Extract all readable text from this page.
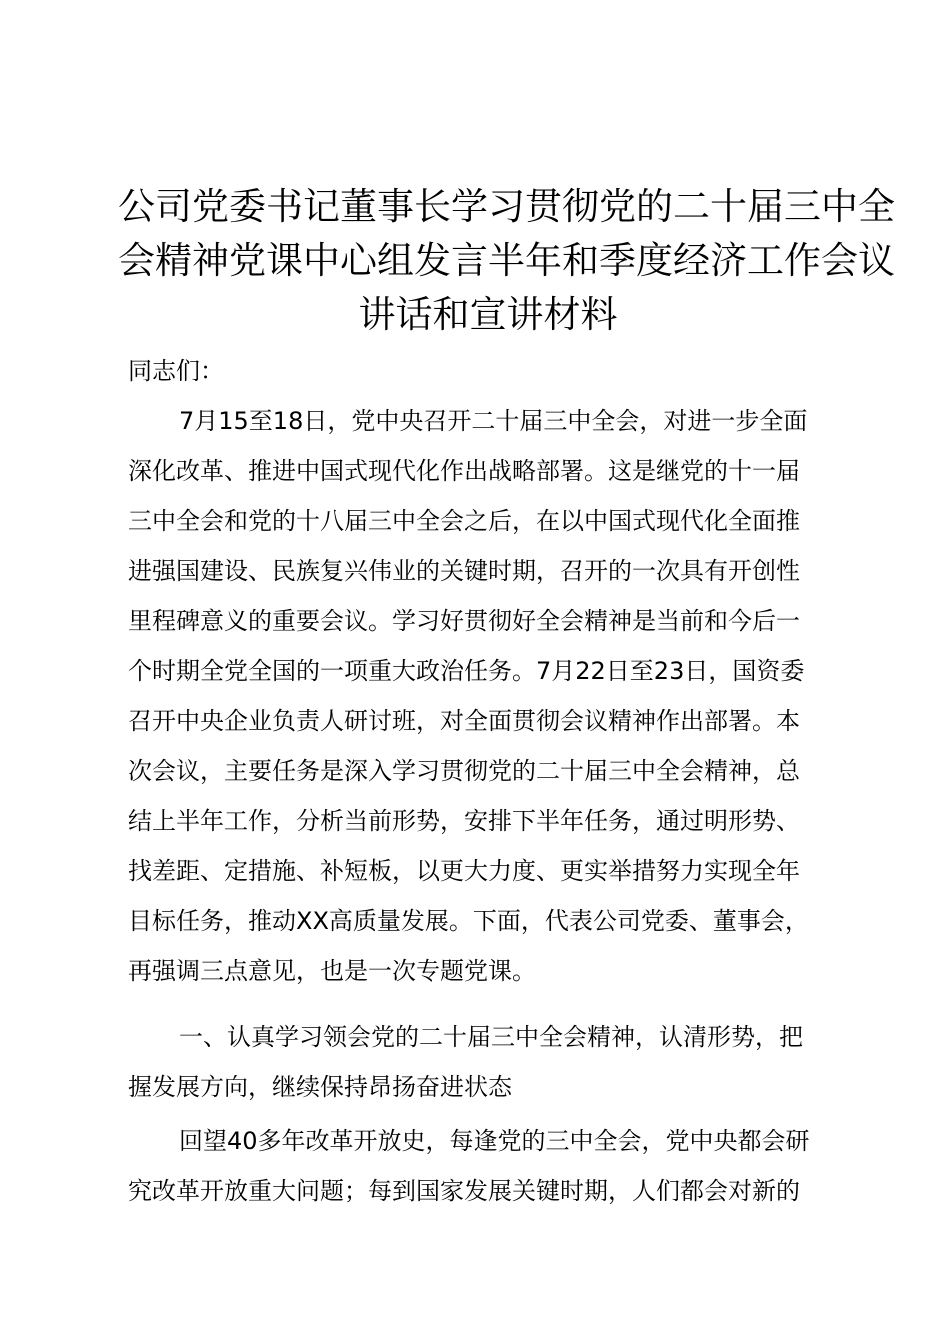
公司党委书记董事长学习贯彻党的二十届三中全
会精神党课中心组发言半年和季度经济工作会议
讲话和宣讲材料

同志们：

7月15至18日，党中央召开二十届三中全会，对进一步全面
深化改革、推进中国式现代化作出战略部署。这是继党的十一届
三中全会和党的十八届三中全会之后，在以中国式现代化全面推
进强国建设、民族复兴伟业的关键时期，召开的一次具有开创性
里程碑意义的重要会议。学习好贯彻好全会精神是当前和今后一
个时期全党全国的一项重大政治任务。7月22日至23日，国资委
召开中央企业负责人研讨班，对全面贯彻会议精神作出部署。本
次会议，主要任务是深入学习贯彻党的二十届三中全会精神，总
结上半年工作，分析当前形势，安排下半年任务，通过明形势、
找差距、定措施、补短板，以更大力度、更实举措努力实现全年
目标任务，推动XX高质量发展。下面，代表公司党委、董事会，
再强调三点意见，也是一次专题党课。
一、认真学习领会党的二十届三中全会精神，认清形势，把
握发展方向，继续保持昂扬奋进状态
回望40多年改革开放史，每逢党的三中全会，党中央都会研
究改革开放重大问题；每到国家发展关键时期，人们都会对新的
